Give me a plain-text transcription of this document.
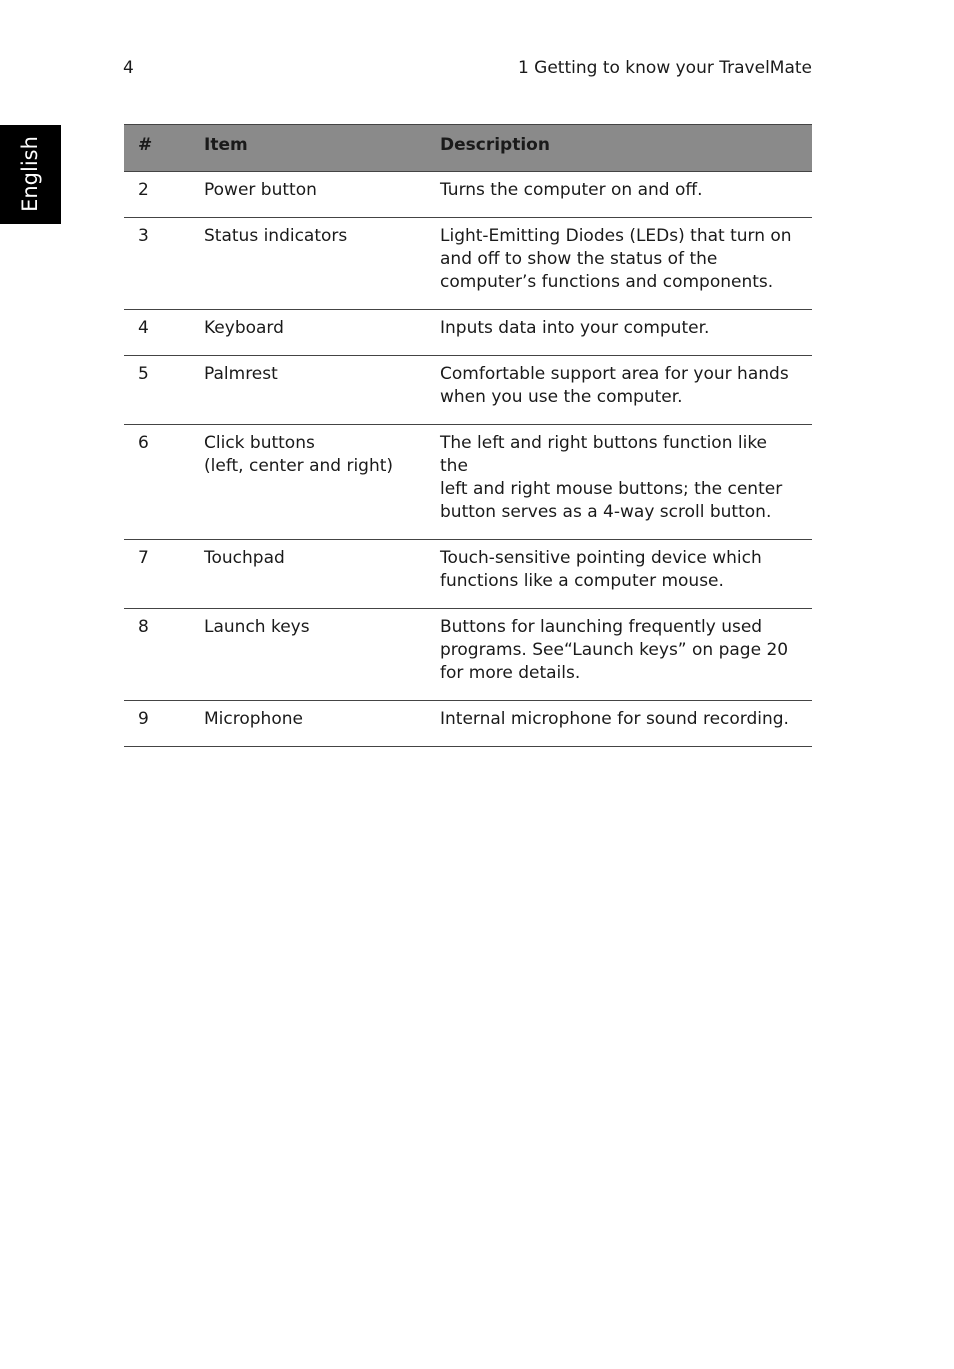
4	1 Getting to know your TravelMate
English	#	Item	Description
2	Power button	Turns the computer on and off.
3	Status indicators	Light-Emitting Diodes (LEDs) that turn on
and off to show the status of the
computer’s functions and components.
4	Keyboard	Inputs data into your computer.
5	Palmrest	Comfortable support area for your hands
when you use the computer.
6	Click buttons
(left, center and right)	The left and right buttons function like the
left and right mouse buttons; the center
button serves as a 4-way scroll button.
7	Touchpad	Touch-sensitive pointing device which
functions like a computer mouse.
8	Launch keys	Buttons for launching frequently used
programs. See“Launch keys” on page 20
for more details.
9	Microphone	Internal microphone for sound recording.
